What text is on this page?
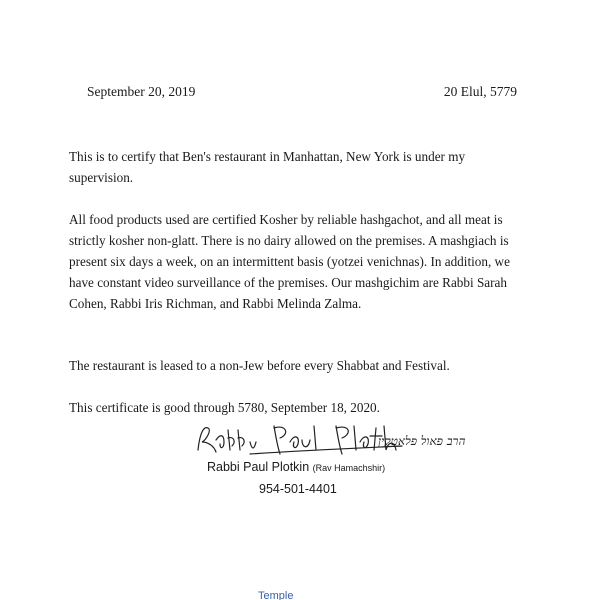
September 20, 2019	20 Elul, 5779
This is to certify that Ben's restaurant in Manhattan, New York is under my supervision.
All food products used are certified Kosher by reliable hashgachot, and all meat is strictly kosher non-glatt. There is no dairy allowed on the premises. A mashgiach is present six days a week, on an intermittent basis (yotzei venichnas). In addition, we have constant video surveillance of the premises. Our mashgichim are Rabbi Sarah Cohen, Rabbi Iris Richman, and Rabbi Melinda Zalma.
The restaurant is leased to a non-Jew before every Shabbat and Festival.
This certificate is good through 5780, September 18, 2020.
הרב פאול פלאטקין
Rabbi Paul Plotkin (Rav Hamachshir)
954-501-4401
Temple
